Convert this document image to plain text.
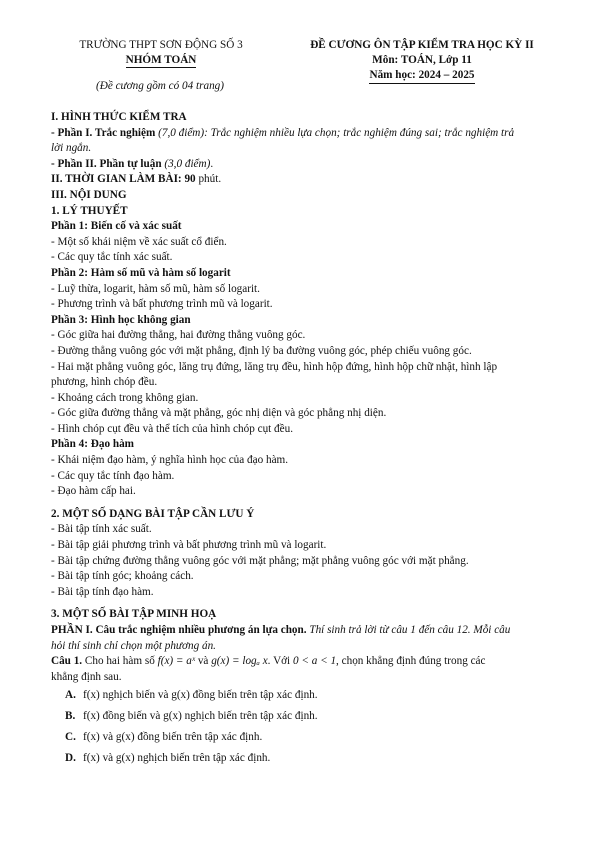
TRƯỜNG THPT SƠN ĐỘNG SỐ 3
NHÓM TOÁN
(Đề cương gồm có 04 trang)
ĐỀ CƯƠNG ÔN TẬP KIỂM TRA HỌC KỲ II
Môn: TOÁN, Lớp 11
Năm học: 2024 – 2025
I. HÌNH THỨC KIỂM TRA
- Phần I. Trắc nghiệm (7,0 điểm): Trắc nghiệm nhiều lựa chọn; trắc nghiệm đúng sai; trắc nghiệm trả
lời ngắn.
- Phần II. Phần tự luận (3,0 điểm).
II. THỜI GIAN LÀM BÀI: 90 phút.
III. NỘI DUNG
1. LÝ THUYẾT
Phần 1: Biến cố và xác suất
- Một số khái niệm về xác suất cổ điển.
- Các quy tắc tính xác suất.
Phần 2: Hàm số mũ và hàm số logarit
- Luỹ thừa, logarit, hàm số mũ, hàm số logarit.
- Phương trình và bất phương trình mũ và logarit.
Phần 3: Hình học không gian
- Góc giữa hai đường thẳng, hai đường thẳng vuông góc.
- Đường thẳng vuông góc với mặt phẳng, định lý ba đường vuông góc, phép chiếu vuông góc.
- Hai mặt phẳng vuông góc, lăng trụ đứng, lăng trụ đều, hình hộp đứng, hình hộp chữ nhật, hình lập
phương, hình chóp đều.
- Khoảng cách trong không gian.
- Góc giữa đường thẳng và mặt phẳng, góc nhị diện và góc phẳng nhị diện.
- Hình chóp cụt đều và thể tích của hình chóp cụt đều.
Phần 4: Đạo hàm
- Khái niệm đạo hàm, ý nghĩa hình học của đạo hàm.
- Các quy tắc tính đạo hàm.
- Đạo hàm cấp hai.
2. MỘT SỐ DẠNG BÀI TẬP CẦN LƯU Ý
- Bài tập tính xác suất.
- Bài tập giải phương trình và bất phương trình mũ và logarit.
- Bài tập chứng đường thẳng vuông góc với mặt phẳng; mặt phẳng vuông góc với mặt phẳng.
- Bài tập tính góc; khoảng cách.
- Bài tập tính đạo hàm.
3. MỘT SỐ BÀI TẬP MINH HOẠ
PHẦN I. Câu trắc nghiệm nhiều phương án lựa chọn. Thí sinh trả lời từ câu 1 đến câu 12. Mỗi câu
hỏi thí sinh chỉ chọn một phương án.
Câu 1. Cho hai hàm số f(x) = aˣ và g(x) = logₐ x. Với 0 < a < 1, chọn khẳng định đúng trong các
khẳng định sau.
A. f(x) nghịch biến và g(x) đồng biến trên tập xác định.
B. f(x) đồng biến và g(x) nghịch biến trên tập xác định.
C. f(x) và g(x) đồng biến trên tập xác định.
D. f(x) và g(x) nghịch biến trên tập xác định.
